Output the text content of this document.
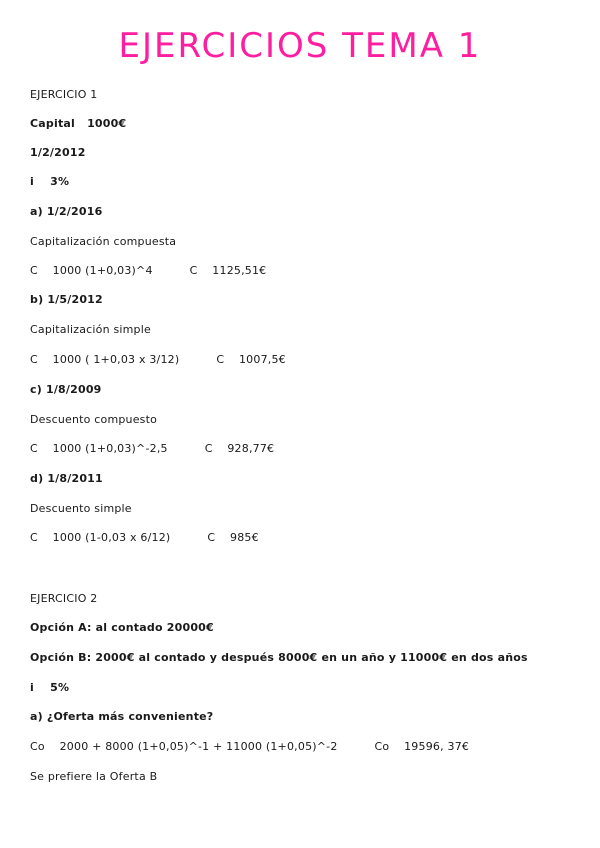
EJERCICIOS TEMA 1
EJERCICIO 1
Capital   1000€
1/2/2012
i    3%
a) 1/2/2016
Capitalización compuesta
C    1000 (1+0,03)^4          C    1125,51€
b) 1/5/2012
Capitalización simple
C    1000 ( 1+0,03 x 3/12)          C    1007,5€
c) 1/8/2009
Descuento compuesto
C    1000 (1+0,03)^-2,5          C    928,77€
d) 1/8/2011
Descuento simple
C    1000 (1-0,03 x 6/12)          C    985€
EJERCICIO 2
Opción A: al contado 20000€
Opción B: 2000€ al contado y después 8000€ en un año y 11000€ en dos años
i    5%
a) ¿Oferta más conveniente?
Co    2000 + 8000 (1+0,05)^-1 + 11000 (1+0,05)^-2          Co    19596, 37€
Se prefiere la Oferta B
